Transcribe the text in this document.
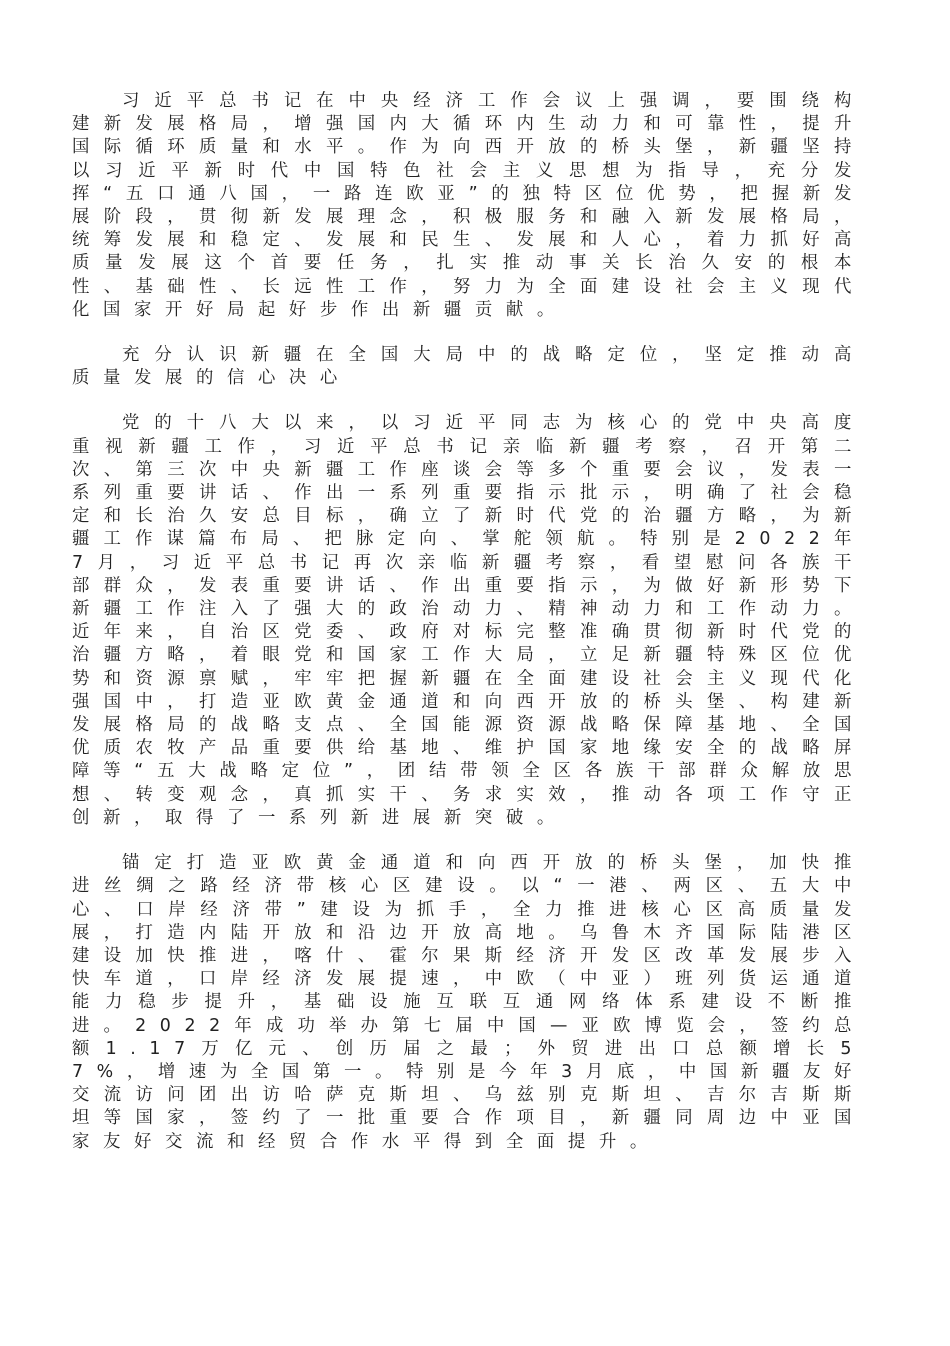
习近平总书记在中央经济工作会议上强调，要围绕构建新发展格局，增强国内大循环内生动力和可靠性，提升国际循环质量和水平。作为向西开放的桥头堡，新疆坚持以习近平新时代中国特色社会主义思想为指导，充分发挥“五口通八国，一路连欧亚”的独特区位优势，把握新发展阶段，贯彻新发展理念，积极服务和融入新发展格局，统筹发展和稳定、发展和民生、发展和人心，着力抓好高质量发展这个首要任务，扎实推动事关长治久安的根本性、基础性、长远性工作，努力为全面建设社会主义现代化国家开好局起好步作出新疆贡献。

充分认识新疆在全国大局中的战略定位，坚定推动高质量发展的信心决心

党的十八大以来，以习近平同志为核心的党中央高度重视新疆工作，习近平总书记亲临新疆考察，召开第二次、第三次中央新疆工作座谈会等多个重要会议，发表一系列重要讲话、作出一系列重要指示批示，明确了社会稳定和长治久安总目标，确立了新时代党的治疆方略，为新疆工作谋篇布局、把脉定向、掌舵领航。特别是2022年7月，习近平总书记再次亲临新疆考察，看望慰问各族干部群众，发表重要讲话、作出重要指示，为做好新形势下新疆工作注入了强大的政治动力、精神动力和工作动力。近年来，自治区党委、政府对标完整准确贯彻新时代党的治疆方略，着眼党和国家工作大局，立足新疆特殊区位优势和资源禀赋，牢牢把握新疆在全面建设社会主义现代化强国中，打造亚欧黄金通道和向西开放的桥头堡、构建新发展格局的战略支点、全国能源资源战略保障基地、全国优质农牧产品重要供给基地、维护国家地缘安全的战略屏障等“五大战略定位”，团结带领全区各族干部群众解放思想、转变观念，真抓实干、务求实效，推动各项工作守正创新，取得了一系列新进展新突破。

锚定打造亚欧黄金通道和向西开放的桥头堡，加快推进丝绸之路经济带核心区建设。以“一港、两区、五大中心、口岸经济带”建设为抓手，全力推进核心区高质量发展，打造内陆开放和沿边开放高地。乌鲁木齐国际陆港区建设加快推进，喀什、霍尔果斯经济开发区改革发展步入快车道，口岸经济发展提速，中欧（中亚）班列货运通道能力稳步提升，基础设施互联互通网络体系建设不断推进。2022年成功举办第七届中国—亚欧博览会，签约总额1.17万亿元、创历届之最；外贸进出口总额增长57%，增速为全国第一。特别是今年3月底，中国新疆友好交流访问团出访哈萨克斯坦、乌兹别克斯坦、吉尔吉斯斯坦等国家，签约了一批重要合作项目，新疆同周边中亚国家友好交流和经贸合作水平得到全面提升。
